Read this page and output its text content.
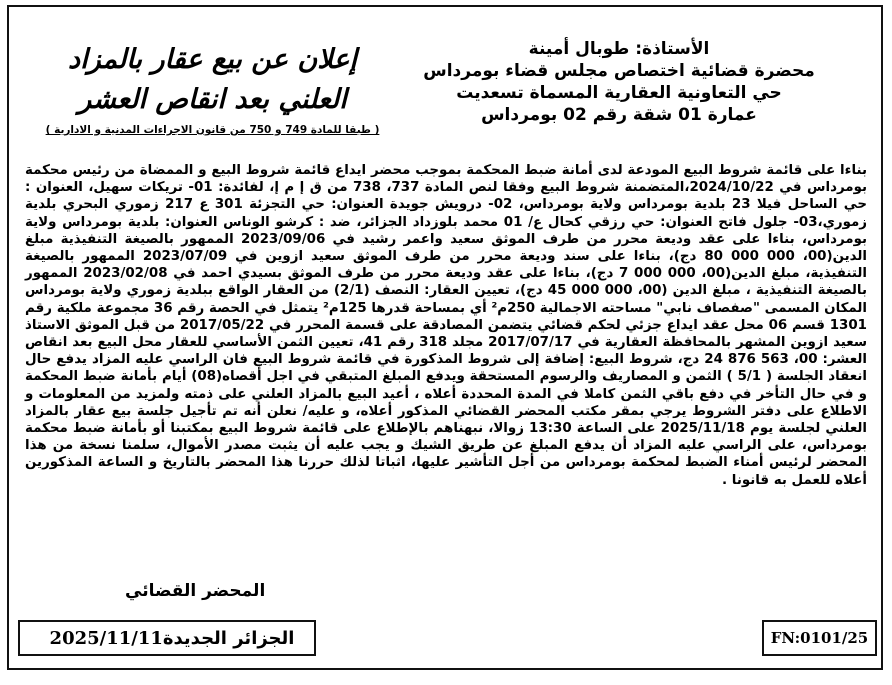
الأستاذة: طوبال أمينة
محضرة قضائية اختصاص مجلس قضاء بومرداس
حي التعاونية العقارية المسماة تسعديت
عمارة 01 شقة رقم 02 بومرداس
إعلان عن بيع عقار بالمزاد
العلني بعد انقاص العشر
( طبقا للمادة 749 و 750 من قانون الاجراءات المدنية و الادارية )

بناءا على قائمة شروط البيع المودعة لدى أمانة ضبط المحكمة بموجب محضر ايداع قائمة شروط البيع و الممضاة من رئيس محكمة بومرداس في 2024/10/22،المتضمنة شروط البيع وفقا لنص المادة 737، 738 من ق إ م إ، لفائدة: 01- تريكات سهيل، العنوان : حي الساحل فيلا 23 بلدية بومرداس ولاية بومرداس، 02- درويش جويدة العنوان: حي التجزئة 301 ع 217 زموري البحري بلدية زموري،03- جلول فاتح العنوان: حي رزقي كحال ع/ 01 محمد بلوزداد الجزائر، ضد : كرشو الوناس العنوان: بلدية بومرداس ولاية بومرداس، بناءا على عقد وديعة محرر من طرف الموثق سعيد واعمر رشيد في 2023/09/06 الممهور بالصيغة التنفيذية مبلغ الدين(00، 000 000 80 دج)، بناءا على سند وديعة محرر من طرف الموثق سعيد ازوين في 2023/07/09 الممهور بالصيغة التنفيذية، مبلغ الدين(00، 000 000 7 دج)، بناءا على عقد وديعة محرر من طرف الموثق بسيدي احمد في 2023/02/08 الممهور بالصيغة التنفيذية ، مبلغ الدين (00، 000 000 45 دج)، تعيين العقار: النصف (2/1) من العقار الواقع ببلدية زموري ولاية بومرداس المكان المسمى "صفصاف نابي" مساحته الاجمالية 250م² أي بمساحة قدرها 125م² يتمثل في الحصة رقم 36 مجموعة ملكية رقم 1301 قسم 06 محل عقد ايداع جزئي لحكم قضائي يتضمن المصادقة على قسمة المحرر في 2017/05/22 من قبل الموثق الاستاذ سعيد ازوين المشهر بالمحافظة العقارية في 2017/07/17 مجلد 318 رقم 41، تعيين الثمن الأساسي للعقار محل البيع بعد انقاص العشر: 00، 563 876 24 دج، شروط البيع: إضافة إلى شروط المذكورة في قائمة شروط البيع فان الراسي عليه المزاد يدفع حال انعقاد الجلسة ( 5/1 ) الثمن و المصاريف والرسوم المستحقة ويدفع المبلغ المتبقي في اجل أقصاه(08) أيام بأمانة ضبط المحكمة و في حال التأخر في دفع باقي الثمن كاملا في المدة المحددة أعلاه ، أعيد البيع بالمزاد العلني على ذمته ولمزيد من المعلومات و الاطلاع على دفتر الشروط يرجي بمقر مكتب المحضر القضائي المذكور أعلاه، و عليه/ نعلن أنه تم تأجيل جلسة بيع عقار بالمزاد العلني لجلسة يوم 2025/11/18 على الساعة 13:30 زوالا، نبهناهم بالإطلاع على قائمة شروط البيع بمكتبنا أو بأمانة ضبط محكمة بومرداس، على الراسي عليه المزاد أن يدفع المبلغ عن طريق الشيك و يجب عليه أن يثبت مصدر الأموال، سلمنا نسخة من هذا المحضر لرئيس أمناء الضبط لمحكمة بومرداس من أجل التأشير عليها، اثباتا لذلك حررنا هذا المحضر بالتاريخ و الساعة المذكورين أعلاه للعمل به قانونا .

المحضر القضائي
الجزائر الجديدة
2025/11/11	FN:0101/25
